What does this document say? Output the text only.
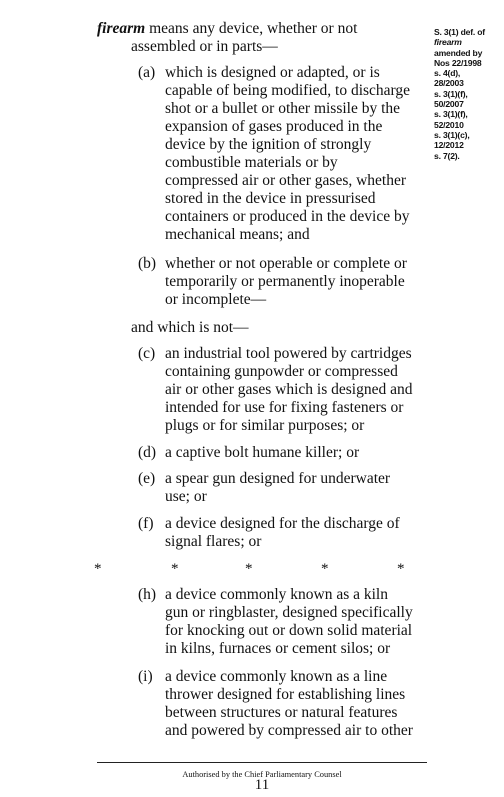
firearm means any device, whether or not
assembled or in parts—
(a) which is designed or adapted, or is
capable of being modified, to discharge
shot or a bullet or other missile by the
expansion of gases produced in the
device by the ignition of strongly
combustible materials or by
compressed air or other gases, whether
stored in the device in pressurised
containers or produced in the device by
mechanical means; and
(b) whether or not operable or complete or
temporarily or permanently inoperable
or incomplete—
and which is not—
(c) an industrial tool powered by cartridges
containing gunpowder or compressed
air or other gases which is designed and
intended for use for fixing fasteners or
plugs or for similar purposes; or
(d) a captive bolt humane killer; or
(e) a spear gun designed for underwater
use; or
(f) a device designed for the discharge of
signal flares; or
*	*	*	*	*
(h) a device commonly known as a kiln
gun or ringblaster, designed specifically
for knocking out or down solid material
in kilns, furnaces or cement silos; or
(i) a device commonly known as a line
thrower designed for establishing lines
between structures or natural features
and powered by compressed air to other
S. 3(1) def. of
firearm
amended by
Nos 22/1998
s. 4(d),
28/2003
s. 3(1)(f),
50/2007
s. 3(1)(f),
52/2010
s. 3(1)(c),
12/2012
s. 7(2).
Authorised by the Chief Parliamentary Counsel
11
